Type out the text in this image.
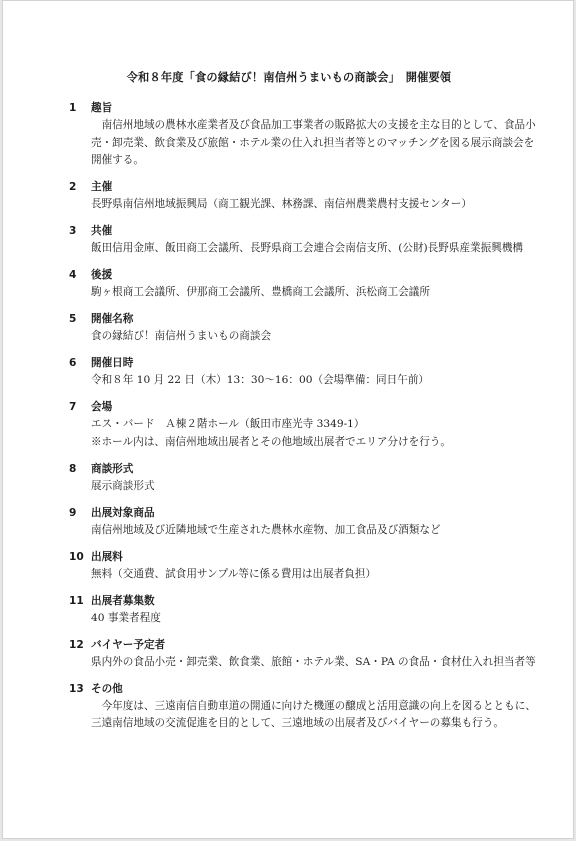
令和８年度「食の縁結び！南信州うまいもの商談会」　開催要領
1	趣旨

南信州地域の農林水産業者及び食品加工事業者の販路拡大の支援を主な目的として、食品小売・卸売業、飲食業及び旅館・ホテル業の仕入れ担当者等とのマッチングを図る展示商談会を開催する。

2	主催

長野県南信州地域振興局（商工観光課、林務課、南信州農業農村支援センター）

3	共催

飯田信用金庫、飯田商工会議所、長野県商工会連合会南信支所、(公財)長野県産業振興機構

4	後援

駒ヶ根商工会議所、伊那商工会議所、豊橋商工会議所、浜松商工会議所

5	開催名称

食の縁結び！南信州うまいもの商談会

6	開催日時

令和８年 10 月 22 日（木）13：30～16：00（会場準備：同日午前）

7	会場

エス・バード　Ａ棟２階ホール（飯田市座光寺 3349-1）

※ホール内は、南信州地域出展者とその他地域出展者でエリア分けを行う。

8	商談形式

展示商談形式

9	出展対象商品

南信州地域及び近隣地域で生産された農林水産物、加工食品及び酒類など

10 出展料

無料（交通費、試食用サンプル等に係る費用は出展者負担）

11 出展者募集数

40 事業者程度

12 バイヤー予定者

県内外の食品小売・卸売業、飲食業、旅館・ホテル業、SA・PA の食品・食材仕入れ担当者等

13 その他

今年度は、三遠南信自動車道の開通に向けた機運の醸成と活用意識の向上を図るとともに、三遠南信地域の交流促進を目的として、三遠地域の出展者及びバイヤーの募集も行う。
